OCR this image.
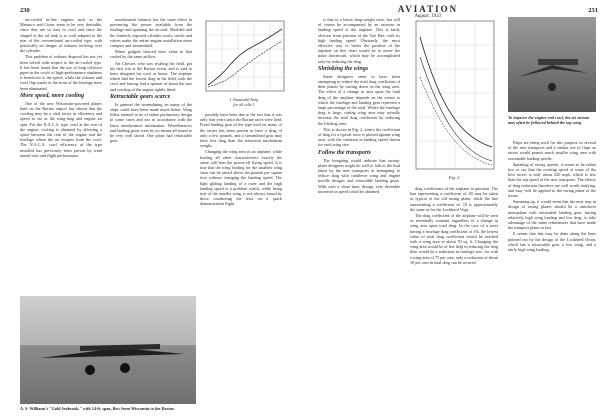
230	231
AVIATION
August, 1933

air-cooled in-line engines such as the Menasco and Cirrus seem to be very desirable, since they are so easy to cowl and since the shaped of the oil tank is so well adapted to the rear of the conventional air-cooled type, with practically no danger of exhaust torching over the cylinder.

This problem of exhaust disposal has not yet been solved with respect to the air-cooled type. It has been found that the use of long collector pipes in the cowls of high-performance airplanes is beneficial to the speed, while the exhaust and cowl flap stacks in the front of the fuselage have been eliminated.

More speed, more cooling

One of the new Wisconsin-powered planes built on the Racine airport has shown that the cowling may be a vital factor in efficiency and speed as far as the wing-drag and engine air spin. For the N.A.C.A. type cowl at the rear of the engine, cooling is obtained by allowing a space between the rear of the engine and the fuselage where the air escapes from the cowl. The N.A.C.A. cowl efficiency of the type installed has previously been proven by wind tunnel tests and flight performance.

aerodynamic balance has the same effect in preventing the power available from the fuselage and spinning the aircraft. Shielded and the formerly exposed cylinder cowls, stacks and valves make the entire engine installation more compact and streamlined.

Minor gadgets showed their value in that cooled by the same airflow.

Art Chester, who was rivaling the field, got his first win at the Racine event, and is said to have designed his cowl at home. The airplane which had the lowest drag in the field, with the cowl and fairing, had a spinner of about the size and cowling of the engine tightly fitted.

Retractable gears scarce

In general the streamlining on many of the ships could have been made much better. Wing fillets seemed to be of rather perfunctory design in some cases and not in accordance with the latest aerodynamic information. Wheelbarrows and landing gears were by no means all found to be very well faired. One plane had retractable gear.

1 Sinusiodal Strip
for all cells 1

possibly have been due to the fact that it was only four years since the Racine races were held. Fixed landing gear of the type used on many of the racers has been proven to have a drag of only a few pounds, and a streamlined gear may have less drag than the retraction mechanism weighs.

Changing the wing area of an airplane, while leaving all other characteristics exactly the same, will bias the power-off flying speed. It is true that the wing loading for the smallest wing sizes can be raised above ten pounds per square foot without changing the landing speed. The light gliding landing of a racer and the high landing speed is a problem which, while being true of the smaller wing, is not always found by those conducting the tests on a quick demonstration flight.

is that to a better drag-weight ratio, but will of course be accompanied by an increase in landing speed of the airplane. This is fairly obvious from position of the Gee Bee, with its high landing speed. Obviously, the most effective way to better the position of the airplane on this chart would be to move the point downward, which may be accomplished only by reducing the drag.

Shrinking the wings

Some designers seem to have been attempting to reduce the total drag coefficient of their planes by cutting down on the wing area. The effect of a change in area upon the total drag of the airplane depends on the extent to which the fuselage and landing gear represent a large percentage of the total. Where the fuselage drag is large, cutting wing area may actually increase the total drag coefficient by reducing the lift/drag ratio.

This is shown in Fig. 2, where the coefficient of drag for a typical racer is plotted against wing area, with the variation in landing speed shown for each wing size.

Follow the transports

The foregoing would indicate that racing-plane designers might do well to follow the lead taken by the new transports in attempting to reduce drag with cantilever wing and engine nacelle designs and retractable landing gears. With such a clean basic design, very desirable increases in speed could be obtained.

Fig. 2

drag coefficients of the airplane in question. The line representing a coefficient of .05 may be taken as typical of the old racing plane, while the line representing a coefficient of .10 is approximately the same as for the Lockheed Vega.

The drag coefficient of the airplane will be seen as essentially constant regardless of a change in wing area upon total drag. In the case of a racer having a fuselage drag coefficient of .04, the lowest value of total drag coefficient would be reached with a wing area of about 70 sq. ft. Changing the wing area would be of less help in reducing the drag than would be a reduction in fuselage size, for with a wing area of 75 per cent, only a reduction of about 10 per cent in total drag can be secured.

To improve the engine-end cowl, the air stream may often be followed behind the top wing.

Flaps are being used for this purpose in several of the new transports and a similar use of flaps on racers would permit much smaller wing area with reasonable landing speeds.

Speaking of racing speeds, it seems to be rather low to say that the cruising speed of some of the best racers is only about 220 mph, which is less than the top speed of the new transports. The effects of drag reduction therefore are well worth studying, and may well be applied to the racing plane of the future.

Summing up, it would seem that the next step in design of racing planes should be a cantilever monoplane with retractable landing gear, having relatively high wing loading and low drag, to take advantage of the same refinements that have made the transport plane so fast.

It seems that this may be done along the lines pointed out by the design of the Lockheed Orion, which has a retractable gear, a low wing, and a fairly high wing loading.

A. S. Williams's "Gold Seabrook," with 14-ft. span, flew from Wisconsin to the Racine.
